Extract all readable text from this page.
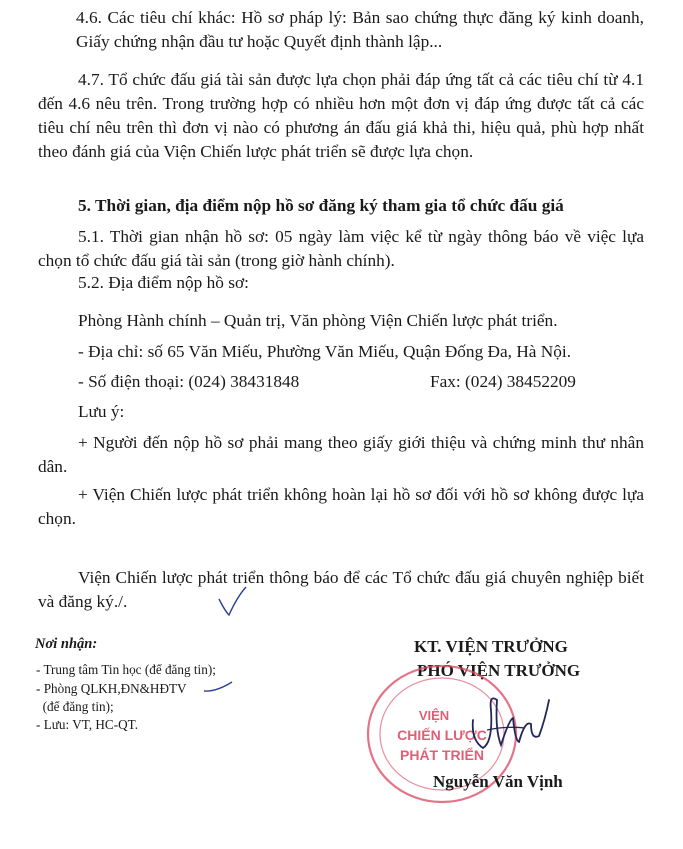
4.6. Các tiêu chí khác: Hồ sơ pháp lý: Bản sao chứng thực đăng ký kinh doanh, Giấy chứng nhận đầu tư hoặc Quyết định thành lập...

4.7. Tổ chức đấu giá tài sản được lựa chọn phải đáp ứng tất cả các tiêu chí từ 4.1 đến 4.6 nêu trên. Trong trường hợp có nhiều hơn một đơn vị đáp ứng được tất cả các tiêu chí nêu trên thì đơn vị nào có phương án đấu giá khả thi, hiệu quả, phù hợp nhất theo đánh giá của Viện Chiến lược phát triển sẽ được lựa chọn.

5. Thời gian, địa điểm nộp hồ sơ đăng ký tham gia tổ chức đấu giá

5.1. Thời gian nhận hồ sơ: 05 ngày làm việc kể từ ngày thông báo về việc lựa chọn tổ chức đấu giá tài sản (trong giờ hành chính).

5.2. Địa điểm nộp hồ sơ:

Phòng Hành chính – Quản trị, Văn phòng Viện Chiến lược phát triển.

- Địa chỉ: số 65 Văn Miếu, Phường Văn Miếu, Quận Đống Đa, Hà Nội.

- Số điện thoại: (024) 38431848	Fax: (024) 38452209

Lưu ý:

+ Người đến nộp hồ sơ phải mang theo giấy giới thiệu và chứng minh thư nhân dân.

+ Viện Chiến lược phát triển không hoàn lại hồ sơ đối với hồ sơ không được lựa chọn.

Viện Chiến lược phát triển thông báo để các Tổ chức đấu giá chuyên nghiệp biết và đăng ký./.

Nơi nhận:
- Trung tâm Tin học (để đăng tin);
- Phòng QLKH,ĐN&HĐTV
(để đăng tin);
- Lưu: VT, HC-QT.
KT. VIỆN TRƯỞNG
PHÓ VIỆN TRƯỞNG
VIỆN
CHIẾN LƯỢC
PHÁT TRIỂN
Nguyễn Văn Vịnh
